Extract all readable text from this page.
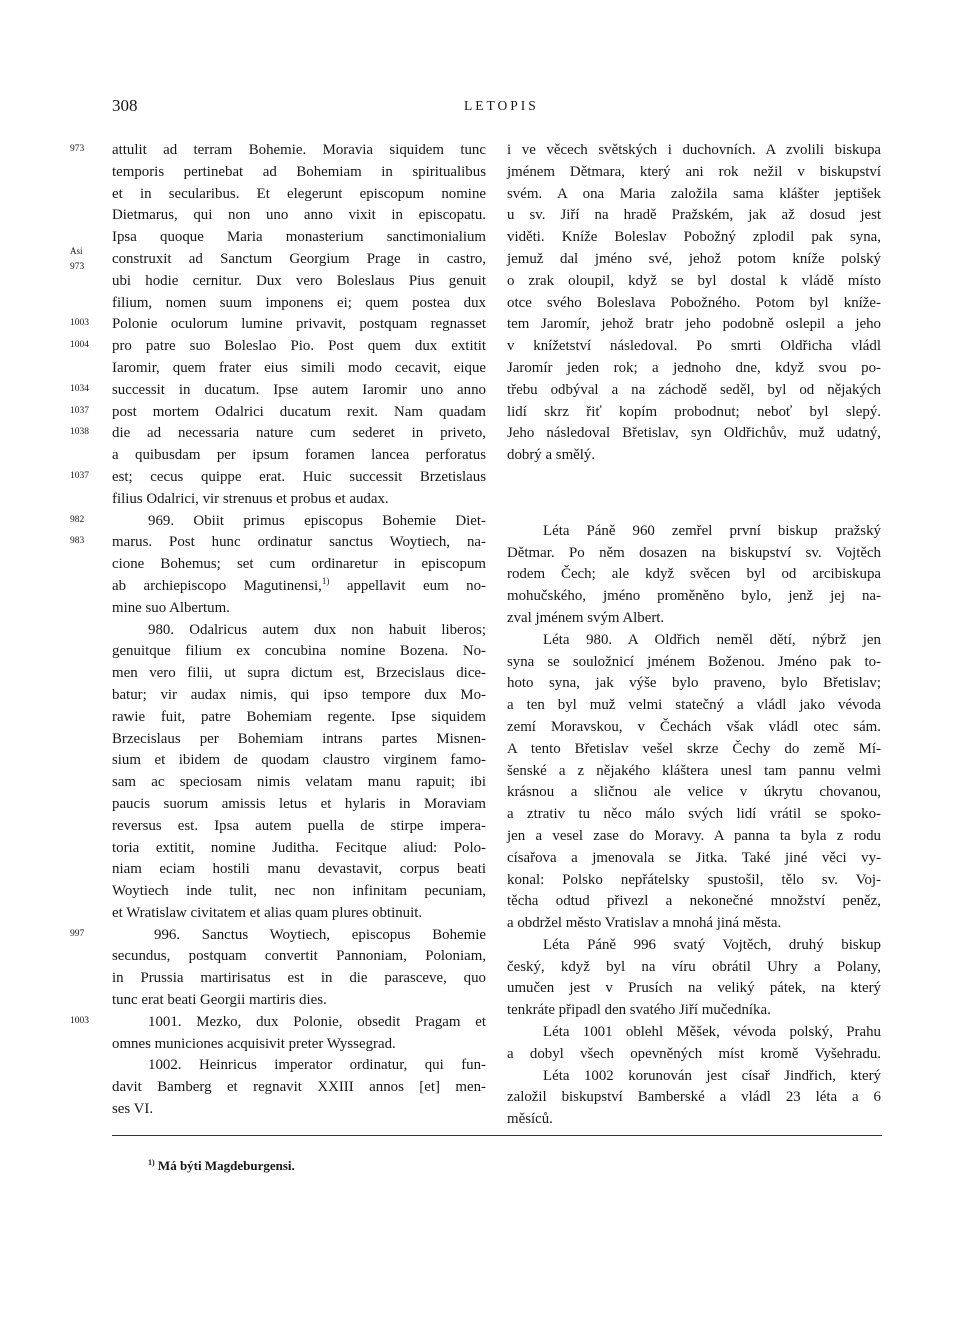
308	LETOPIS
973	attulit ad terram Bohemie. Moravia siquidem tunc
temporis pertinebat ad Bohemiam in spiritualibus
et in secularibus. Et elegerunt episcopum nomine
Dietmarus, qui non uno anno vixit in episcopatu.
Ipsa quoque Maria monasterium sanctimonialium
Asi
973	construxit ad Sanctum Georgium Prage in castro,
ubi hodie cernitur. Dux vero Boleslaus Pius genuit
filium, nomen suum imponens ei; quem postea dux
1003	Polonie oculorum lumine privavit, postquam regnasset
1004	pro patre suo Boleslao Pio. Post quem dux extitit
Iaromir, quem frater eius simili modo cecavit, eique
1034	successit in ducatum. Ipse autem Iaromir uno anno
1037	post mortem Odalrici ducatum rexit. Nam quadam
1038	die ad necessaria nature cum sederet in priveto,
a quibusdam per ipsum foramen lancea perforatus
1037	est; cecus quippe erat. Huic successit Brzetislaus
filius Odalrici, vir strenuus et probus et audax.
982	969. Obiit primus episcopus Bohemie Diet-
983	marus. Post hunc ordinatur sanctus Woytiech, na-
cione Bohemus; set cum ordinaretur in episcopum
ab archiepiscopo Magutinensi,$^{1)}$ appellavit eum no-
mine suo Albertum.
980. Odalricus autem dux non habuit liberos;
genuitque filium ex concubina nomine Bozena. No-
men vero filii, ut supra dictum est, Brzecislaus dice-
batur; vir audax nimis, qui ipso tempore dux Mo-
rawie fuit, patre Bohemiam regente. Ipse siquidem
Brzecislaus per Bohemiam intrans partes Misnen-
sium et ibidem de quodam claustro virginem famo-
sam ac speciosam nimis velatam manu rapuit; ibi
paucis suorum amissis letus et hylaris in Moraviam
reversus est. Ipsa autem puella de stirpe impera-
toria extitit, nomine Juditha. Fecitque aliud: Polo-
niam eciam hostili manu devastavit, corpus beati
Woytiech inde tulit, nec non infinitam pecuniam,
et Wratislaw civitatem et alias quam plures obtinuit.
997	996. Sanctus Woytiech, episcopus Bohemie
secundus, postquam convertit Pannoniam, Poloniam,
in Prussia martirisatus est in die parasceve, quo
tunc erat beati Georgii martiris dies.
1003	1001. Mezko, dux Polonie, obsedit Pragam et
omnes municiones acquisivit preter Wyssegrad.
1002. Heinricus imperator ordinatur, qui fun-
davit Bamberg et regnavit XXIII annos [et] men-
ses VI.
i ve věcech světských i duchovních. A zvolili biskupa
jménem Dětmara, který ani rok nežil v biskupství
svém. A ona Maria založila sama klášter jeptišek
u sv. Jiří na hradě Pražském, jak až dosud jest
viděti. Kníže Boleslav Pobožný zplodil pak syna,
jemuž dal jméno své, jehož potom kníže polský
o zrak oloupil, když se byl dostal k vládě místo
otce svého Boleslava Pobožného. Potom byl kníže-
tem Jaromír, jehož bratr jeho podobně oslepil a jeho
v knížetství následoval. Po smrti Oldřicha vládl
Jaromír jeden rok; a jednoho dne, když svou po-
třebu odbýval a na záchodě seděl, byl od nějakých
lidí skrz řiť kopím probodnut; neboť byl slepý.
Jeho následoval Břetislav, syn Oldřichův, muž udatný,
dobrý a smělý.
Léta Páně 960 zemřel první biskup pražský
Dětmar. Po něm dosazen na biskupství sv. Vojtěch
rodem Čech; ale když svěcen byl od arcibiskupa
mohučského, jméno proměněno bylo, jenž jej na-
zval jménem svým Albert.
Léta 980. A Oldřich neměl dětí, nýbrž jen
syna se souložnicí jménem Boženou. Jméno pak to-
hoto syna, jak výše bylo praveno, bylo Břetislav;
a ten byl muž velmi statečný a vládl jako vévoda
zemí Moravskou, v Čechách však vládl otec sám.
A tento Břetislav vešel skrze Čechy do země Mí-
šenské a z nějakého kláštera unesl tam pannu velmi
krásnou a sličnou ale velice v úkrytu chovanou,
a ztrativ tu něco málo svých lidí vrátil se spoko-
jen a vesel zase do Moravy. A panna ta byla z rodu
císařova a jmenovala se Jitka. Také jiné věci vy-
konal: Polsko nepřátelsky spustošil, tělo sv. Voj-
těcha odtud přivezl a nekonečné množství peněz,
a obdržel město Vratislav a mnohá jiná města.
Léta Páně 996 svatý Vojtěch, druhý biskup
český, když byl na víru obrátil Uhry a Polany,
umučen jest v Prusích na veliký pátek, na který
tenkráte připadl den svatého Jiří mučedníka.
Léta 1001 oblehl Měšek, vévoda polský, Prahu
a dobyl všech opevněných míst kromě Vyšehradu.
Léta 1002 korunován jest císař Jindřich, který
založil biskupství Bamberské a vládl 23 léta a 6
měsíců.
$^{1)}$ Má býti Magdeburgensi.
